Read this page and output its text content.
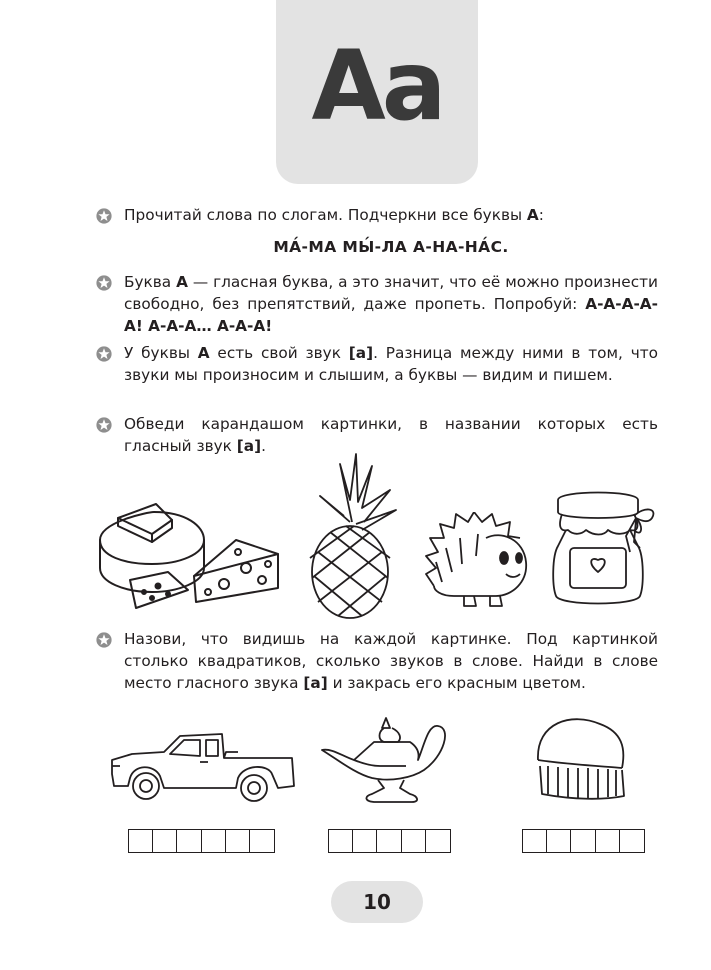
Aa
Прочитай слова по слогам. Подчеркни все буквы А:
МА́-МА МЫ́-ЛА А-НА-НА́С.
Буква А — гласная буква, а это значит, что её можно произнести свободно, без препятствий, даже пропеть. Попробуй: А-А-А-А-А! А-А-А… А-А-А!
У буквы А есть свой звук [а]. Разница между ними в том, что звуки мы произносим и слышим, а буквы — видим и пишем.
Обведи карандашом картинки, в названии которых есть гласный звук [а].
Назови, что видишь на каждой картинке. Под картинкой столько квадратиков, сколько звуков в слове. Найди в слове место гласного звука [а] и закрась его красным цветом.
10
